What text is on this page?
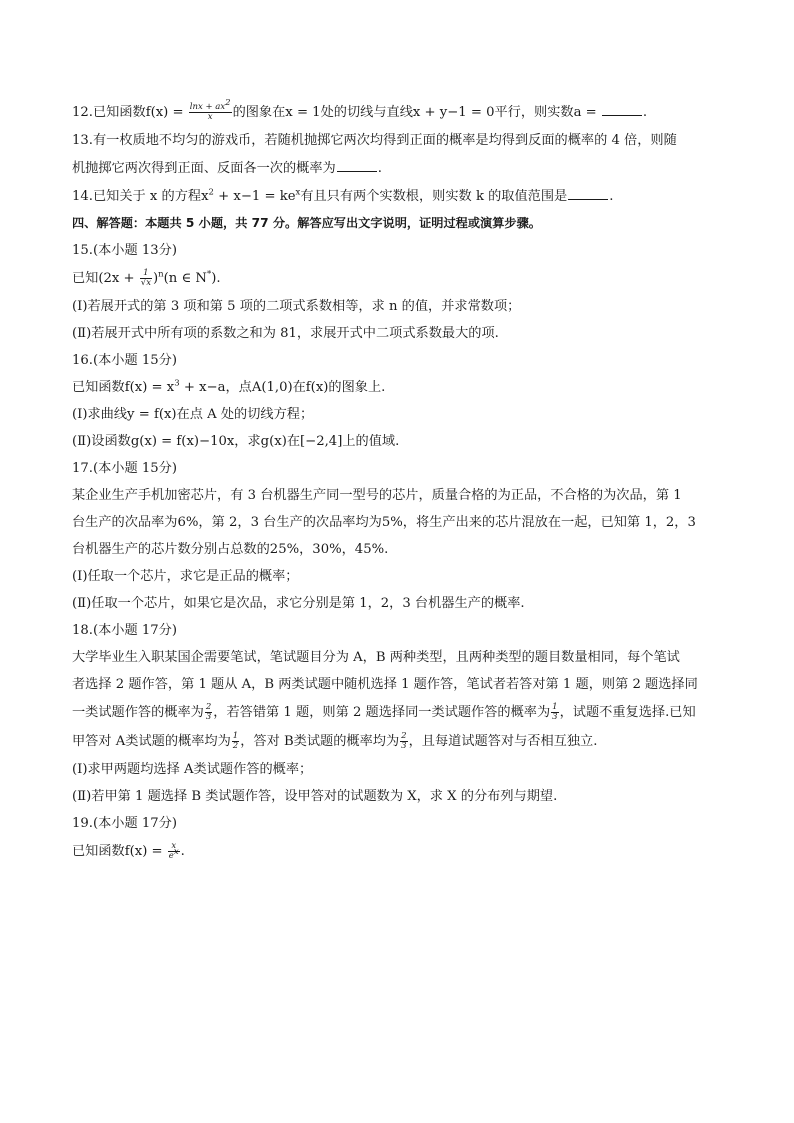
12.已知函数$f(x) = \frac{\ln x + ax^2}{x}$ 的图象在x = 1处的切线与直线x + y−1 = 0平行，则实数a =	.

13.有一枚质地不均匀的游戏币，若随机抛掷它两次均得到正面的概率是均得到反面的概率的 4 倍，则随

机抛掷它两次得到正面、反面各一次的概率为	.

14.已知关于 x 的方程$x^2 + x-1 = ke^x$有且只有两个实数根，则实数 k 的取值范围是	.

四、解答题：本题共 5 小题，共 77 分。解答应写出文字说明，证明过程或演算步骤。

15.(本小题 13分)

已知$(2x + \frac{1}{√x} )^n(n$ ∈ N*).

(Ⅰ)若展开式的第 3 项和第 5 项的二项式系数相等，求 n 的值，并求常数项；

(Ⅱ)若展开式中所有项的系数之和为 81，求展开式中二项式系数最大的项.

16.(本小题 15分)

已知函数$f(x) = x^3 + x-a$，点A(1,0)在f(x)的图象上.

(Ⅰ)求曲线y = f(x)在点 A 处的切线方程；

(Ⅱ)设函数g(x) = f(x)−10x，求g(x)在[−2,4]上的值域.

17.(本小题 15分)

某企业生产手机加密芯片，有 3 台机器生产同一型号的芯片，质量合格的为正品，不合格的为次品，第 1

台生产的次品率为6%，第 2，3 台生产的次品率均为5%，将生产出来的芯片混放在一起，已知第 1，2，3

台机器生产的芯片数分别占总数的25%，30%，45%.

(Ⅰ)任取一个芯片，求它是正品的概率；

(Ⅱ)任取一个芯片，如果它是次品，求它分别是第 1，2，3 台机器生产的概率.

18.(本小题 17分)

大学毕业生入职某国企需要笔试，笔试题目分为 A，B 两种类型，且两种类型的题目数量相同，每个笔试

者选择 2 题作答，第 1 题从 A，B 两类试题中随机选择 1 题作答，笔试者若答对第 1 题，则第 2 题选择同

一类试题作答的概率为 $\frac{2}{3}$ ，若答错第 1 题，则第 2 题选择同一类试题作答的概率为 $\frac{1}{3}$ ，试题不重复选择.已知

甲答对 A类试题的概率均为 $\frac{1}{2}$ ，答对 B类试题的概率均为 $\frac{2}{3}$ ，且每道试题答对与否相互独立.

(Ⅰ)求甲两题均选择 A类试题作答的概率；

(Ⅱ)若甲第 1 题选择 B 类试题作答，设甲答对的试题数为 X，求 X 的分布列与期望.

19.(本小题 17分)

已知函数$f(x) = \frac{x}{e^x}$ .
